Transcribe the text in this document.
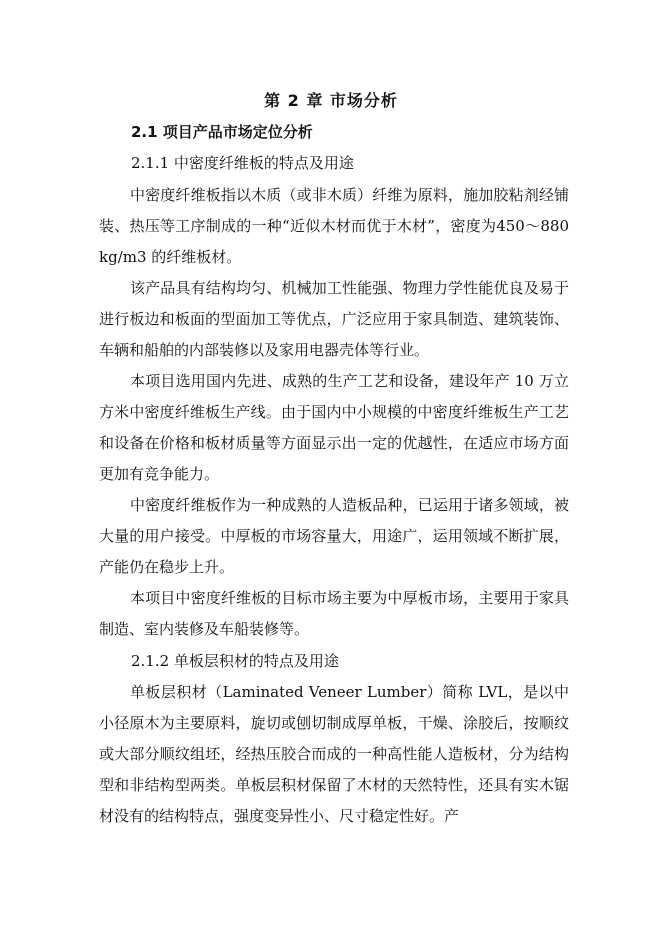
第 2 章 市场分析
2.1 项目产品市场定位分析
2.1.1 中密度纤维板的特点及用途

中密度纤维板指以木质（或非木质）纤维为原料，施加胶粘剂经铺装、热压等工序制成的一种“近似木材而优于木材”，密度为450～880 kg/m3 的纤维板材。

该产品具有结构均匀、机械加工性能强、物理力学性能优良及易于进行板边和板面的型面加工等优点，广泛应用于家具制造、建筑装饰、车辆和船舶的内部装修以及家用电器壳体等行业。

本项目选用国内先进、成熟的生产工艺和设备，建设年产 10 万立方米中密度纤维板生产线。由于国内中小规模的中密度纤维板生产工艺和设备在价格和板材质量等方面显示出一定的优越性，在适应市场方面更加有竞争能力。

中密度纤维板作为一种成熟的人造板品种，已运用于诸多领域，被大量的用户接受。中厚板的市场容量大，用途广，运用领域不断扩展，产能仍在稳步上升。

本项目中密度纤维板的目标市场主要为中厚板市场，主要用于家具制造、室内装修及车船装修等。

2.1.2 单板层积材的特点及用途

单板层积材（Laminated Veneer Lumber）简称 LVL，是以中小径原木为主要原料，旋切或刨切制成厚单板，干燥、涂胶后，按顺纹或大部分顺纹组坯，经热压胶合而成的一种高性能人造板材，分为结构型和非结构型两类。单板层积材保留了木材的天然特性，还具有实木锯材没有的结构特点，强度变异性小、尺寸稳定性好。产
